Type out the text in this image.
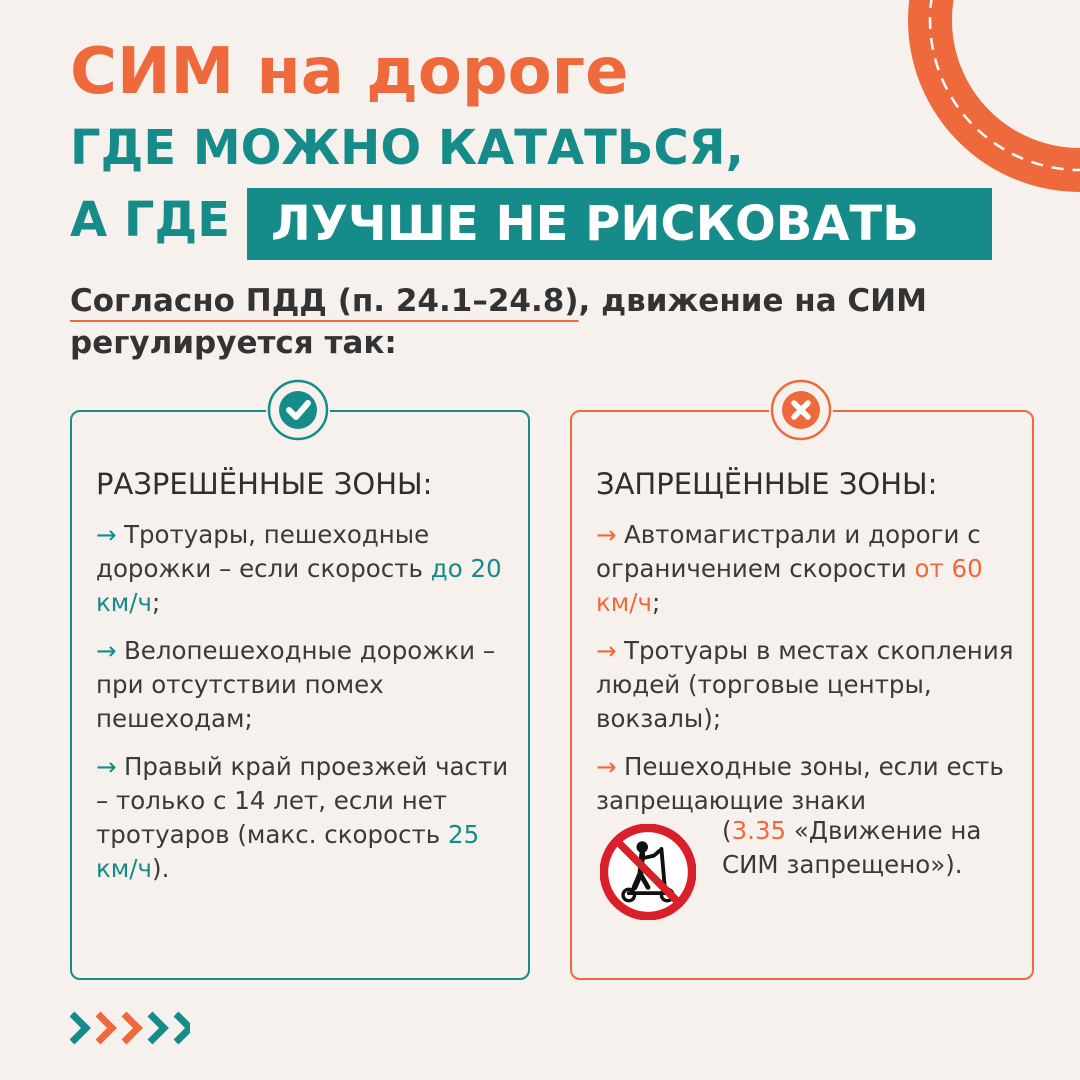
СИМ на дороге
ГДЕ МОЖНО КАТАТЬСЯ,
А ГДЕ ЛУЧШЕ НЕ РИСКОВАТЬ
Согласно ПДД (п. 24.1–24.8), движение на СИМ регулируется так:
РАЗРЕШЁННЫЕ ЗОНЫ:
→ Тротуары, пешеходные дорожки – если скорость до 20 км/ч;
→ Велопешеходные дорожки – при отсутствии помех пешеходам;
→ Правый край проезжей части – только с 14 лет, если нет тротуаров (макс. скорость 25 км/ч).
ЗАПРЕЩЁННЫЕ ЗОНЫ:
→ Автомагистрали и дороги с ограничением скорости от 60 км/ч;
→ Тротуары в местах скопления людей (торговые центры, вокзалы);
→ Пешеходные зоны, если есть запрещающие знаки
(3.35 «Движение на СИМ запрещено»).
